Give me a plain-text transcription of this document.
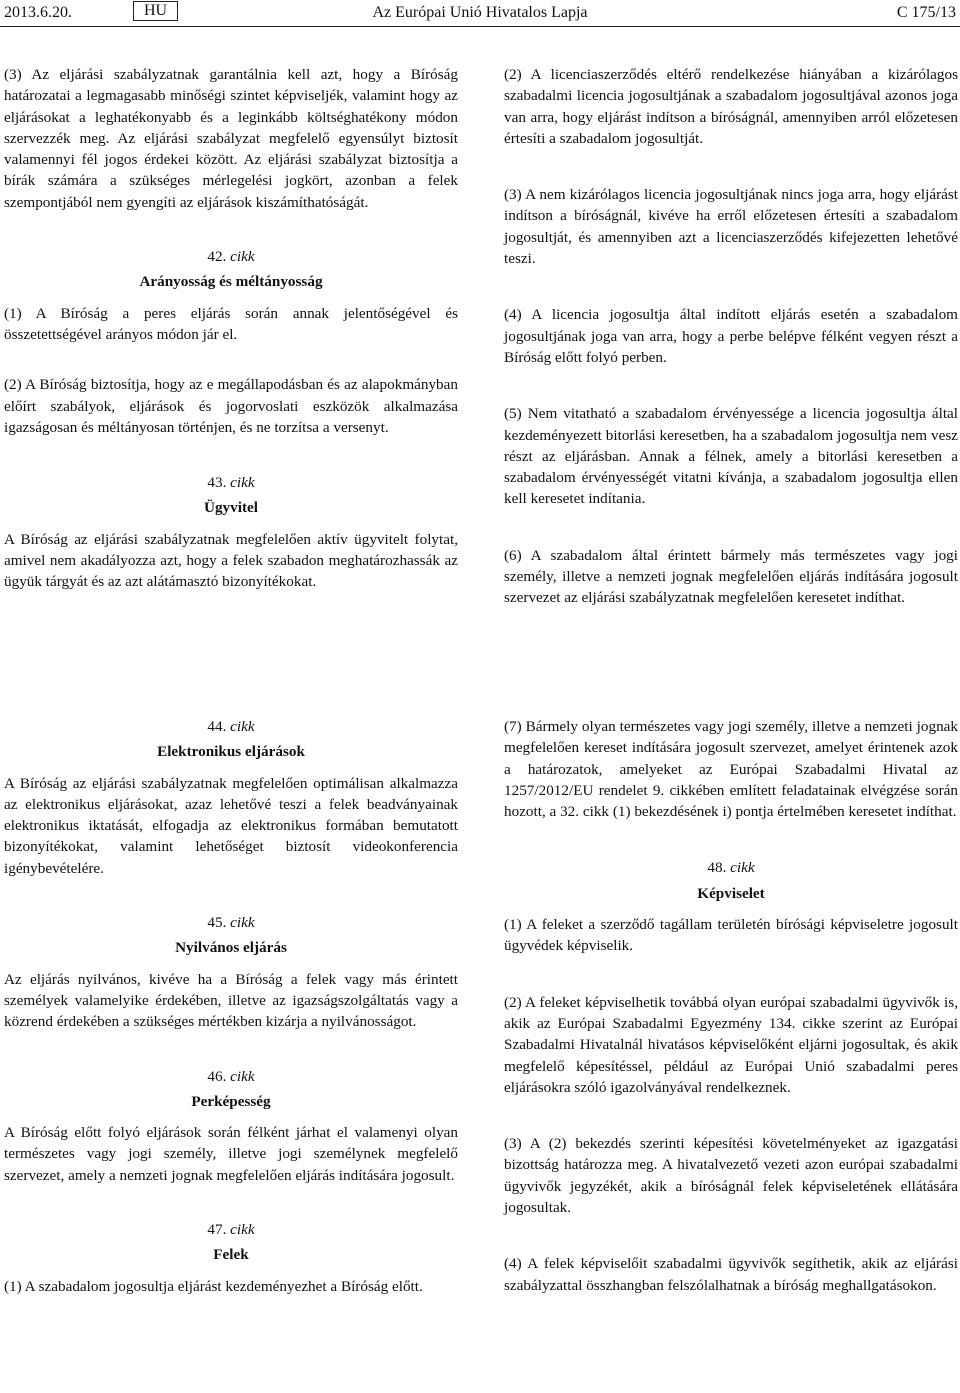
2013.6.20.	HU	Az Európai Unió Hivatalos Lapja	C 175/13

(3) Az eljárási szabályzatnak garantálnia kell azt, hogy a Bíróság határozatai a legmagasabb minőségi szintet képviseljék, valamint hogy az eljárásokat a leghatékonyabb és a leginkább költséghatékony módon szervezzék meg. Az eljárási szabályzat megfelelő egyensúlyt biztosít valamennyi fél jogos érdekei között. Az eljárási szabályzat biztosítja a bírák számára a szükséges mérlegelési jogkört, azonban a felek szempontjából nem gyengíti az eljárások kiszámíthatóságát.

42. cikk

Arányosság és méltányosság

(1) A Bíróság a peres eljárás során annak jelentőségével és összetettségével arányos módon jár el.

(2) A Bíróság biztosítja, hogy az e megállapodásban és az alapokmányban előírt szabályok, eljárások és jogorvoslati eszközök alkalmazása igazságosan és méltányosan történjen, és ne torzítsa a versenyt.

43. cikk

Ügyvitel

A Bíróság az eljárási szabályzatnak megfelelően aktív ügyvitelt folytat, amivel nem akadályozza azt, hogy a felek szabadon meghatározhassák az ügyük tárgyát és az azt alátámasztó bizonyítékokat.

(2) A licenciaszerződés eltérő rendelkezése hiányában a kizárólagos szabadalmi licencia jogosultjának a szabadalom jogosultjával azonos joga van arra, hogy eljárást indítson a bíróságnál, amennyiben arról előzetesen értesíti a szabadalom jogosultját.

(3) A nem kizárólagos licencia jogosultjának nincs joga arra, hogy eljárást indítson a bíróságnál, kivéve ha erről előzetesen értesíti a szabadalom jogosultját, és amennyiben azt a licenciaszerződés kifejezetten lehetővé teszi.

(4) A licencia jogosultja által indított eljárás esetén a szabadalom jogosultjának joga van arra, hogy a perbe belépve félként vegyen részt a Bíróság előtt folyó perben.

(5) Nem vitatható a szabadalom érvényessége a licencia jogosultja által kezdeményezett bitorlási keresetben, ha a szabadalom jogosultja nem vesz részt az eljárásban. Annak a félnek, amely a bitorlási keresetben a szabadalom érvényességét vitatni kívánja, a szabadalom jogosultja ellen kell keresetet indítania.

(6) A szabadalom által érintett bármely más természetes vagy jogi személy, illetve a nemzeti jognak megfelelően eljárás indítására jogosult szervezet az eljárási szabályzatnak megfelelően keresetet indíthat.

44. cikk

Elektronikus eljárások

A Bíróság az eljárási szabályzatnak megfelelően optimálisan alkalmazza az elektronikus eljárásokat, azaz lehetővé teszi a felek beadványainak elektronikus iktatását, elfogadja az elektronikus formában bemutatott bizonyítékokat, valamint lehetőséget biztosít videokonferencia igénybevételére.

45. cikk

Nyilvános eljárás

Az eljárás nyilvános, kivéve ha a Bíróság a felek vagy más érintett személyek valamelyike érdekében, illetve az igazságszolgáltatás vagy a közrend érdekében a szükséges mértékben kizárja a nyilvánosságot.

46. cikk

Perképesség

A Bíróság előtt folyó eljárások során félként járhat el valamenyi olyan természetes vagy jogi személy, illetve jogi személynek megfelelő szervezet, amely a nemzeti jognak megfelelően eljárás indítására jogosult.

47. cikk

Felek

(1) A szabadalom jogosultja eljárást kezdeményezhet a Bíróság előtt.

(7) Bármely olyan természetes vagy jogi személy, illetve a nemzeti jognak megfelelően kereset indítására jogosult szervezet, amelyet érintenek azok a határozatok, amelyeket az Európai Szabadalmi Hivatal az 1257/2012/EU rendelet 9. cikkében említett feladatainak elvégzése során hozott, a 32. cikk (1) bekezdésének i) pontja értelmében keresetet indíthat.

48. cikk

Képviselet

(1) A feleket a szerződő tagállam területén bírósági képviseletre jogosult ügyvédek képviselik.

(2) A feleket képviselhetik továbbá olyan európai szabadalmi ügyvivők is, akik az Európai Szabadalmi Egyezmény 134. cikke szerint az Európai Szabadalmi Hivatalnál hivatásos képviselőként eljárni jogosultak, és akik megfelelő képesítéssel, például az Európai Unió szabadalmi peres eljárásokra szóló igazolványával rendelkeznek.

(3) A (2) bekezdés szerinti képesítési követelményeket az igazgatási bizottság határozza meg. A hivatalvezető vezeti azon európai szabadalmi ügyvivők jegyzékét, akik a bíróságnál felek képviseletének ellátására jogosultak.

(4) A felek képviselőit szabadalmi ügyvivők segíthetik, akik az eljárási szabályzattal összhangban felszólalhatnak a bíróság meghallgatásokon.
